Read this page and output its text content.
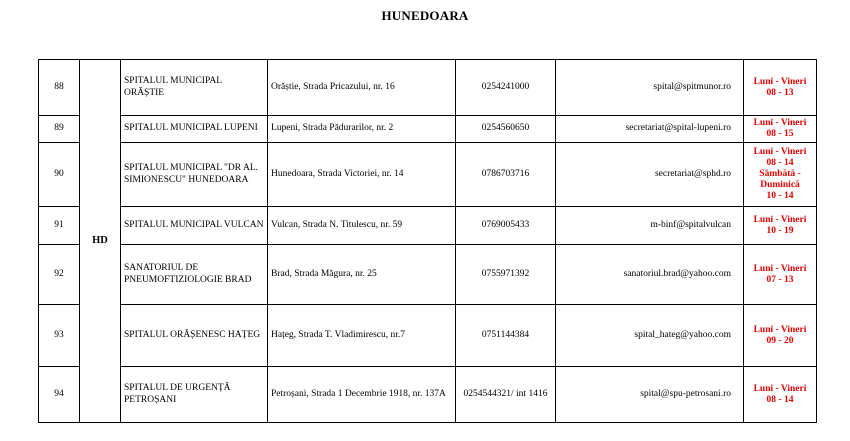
HUNEDOARA
88	HD	SPITALUL MUNICIPAL ORĂȘTIE	Orăștie, Strada Pricazului, nr. 16	0254241000	spital@spitmunor.ro	Luni - Vineri
08 - 13
89		SPITALUL MUNICIPAL LUPENI	Lupeni, Strada Pădurarilor, nr. 2	0254560650	secretariat@spital-lupeni.ro	Luni - Vineri
08 - 15
90		SPITALUL MUNICIPAL "DR AL. SIMIONESCU" HUNEDOARA	Hunedoara, Strada Victoriei, nr. 14	0786703716	secretariat@sphd.ro	Luni - Vineri
08 - 14
Sâmbătă -
Duminică
10 - 14
91		SPITALUL MUNICIPAL VULCAN	Vulcan, Strada N. Titulescu, nr. 59	0769005433	m-binf@spitalvulcan	Luni - Vineri
10 - 19
92		SANATORIUL DE PNEUMOFTIZIOLOGIE BRAD	Brad, Strada Măgura, nr. 25	0755971392	sanatoriul.brad@yahoo.com	Luni - Vineri
07 - 13
93		SPITALUL ORĂȘENESC HAȚEG	Hațeg, Strada T. Vladimirescu, nr.7	0751144384	spital_hateg@yahoo.com	Luni - Vineri
09 - 20
94		SPITALUL DE URGENȚĂ PETROȘANI	Petroșani, Strada 1 Decembrie 1918, nr. 137A	0254544321/ int 1416	spital@spu-petrosani.ro	Luni - Vineri
08 - 14
